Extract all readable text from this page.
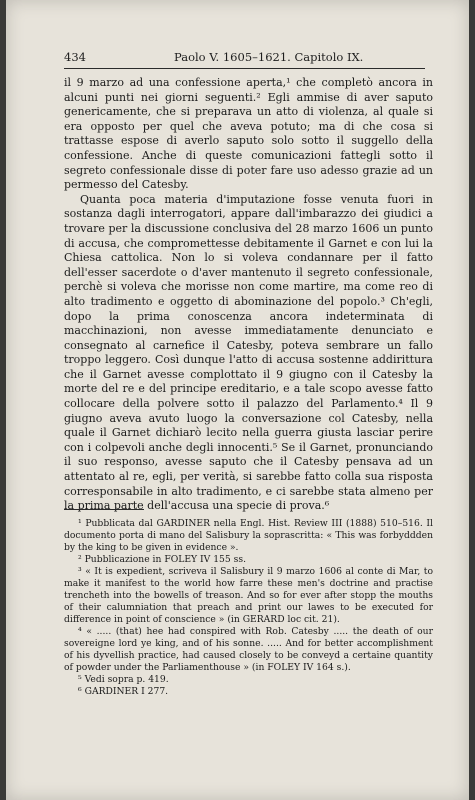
434	Paolo V. 1605–1621. Capitolo IX.

il 9 marzo ad una confessione aperta,¹ che completò ancora in alcuni punti nei giorni seguenti.² Egli ammise di aver saputo genericamente, che si preparava un atto di violenza, al quale si era opposto per quel che aveva potuto; ma di che cosa si trattasse espose di averlo saputo solo sotto il suggello della confessione. Anche di queste comunicazioni fattegli sotto il segreto confessionale disse di poter fare uso adesso grazie ad un permesso del Catesby.

Quanta poca materia d'imputazione fosse venuta fuori in sostanza dagli interrogatori, appare dall'imbarazzo dei giudici a trovare per la discussione conclusiva del 28 marzo 1606 un punto di accusa, che compromettesse debitamente il Garnet e con lui la Chiesa cattolica. Non lo si voleva condannare per il fatto dell'esser sacerdote o d'aver mantenuto il segreto confessionale, perchè si voleva che morisse non come martire, ma come reo di alto tradimento e oggetto di abominazione del popolo.³ Ch'egli, dopo la prima conoscenza ancora indeterminata di macchinazioni, non avesse immediatamente denunciato e consegnato al carnefice il Catesby, poteva sembrare un fallo troppo leggero. Così dunque l'atto di accusa sostenne addirittura che il Garnet avesse complottato il 9 giugno con il Catesby la morte del re e del principe ereditario, e a tale scopo avesse fatto collocare della polvere sotto il palazzo del Parlamento.⁴ Il 9 giugno aveva avuto luogo la conversazione col Catesby, nella quale il Garnet dichiarò lecito nella guerra giusta lasciar perire con i colpevoli anche degli innocenti.⁵ Se il Garnet, pronunciando il suo responso, avesse saputo che il Catesby pensava ad un attentato al re, egli, per verità, si sarebbe fatto colla sua risposta corresponsabile in alto tradimento, e ci sarebbe stata almeno per la prima parte dell'accusa una specie di prova.⁶

¹ Pubblicata dal GARDINER nella Engl. Hist. Review III (1888) 510–516. Il documento porta di mano del Salisbury la soprascritta: « This was forbyddden by the king to be given in evidence ».

² Pubblicazione in FOLEY IV 155 ss.

³ « It is expedient, scriveva il Salisbury il 9 marzo 1606 al conte di Mar, to make it manifest to the world how farre these men's doctrine and practise trencheth into the bowells of treason. And so for ever after stopp the mouths of their calumniation that preach and print our lawes to be executed for difference in point of conscience » (in GERARD loc cit. 21).

⁴ « ..... (that) hee had conspired with Rob. Catesby ..... the death of our sovereigne lord ye king, and of his sonne. ..... And for better accomplishment of his dyvellish practice, had caused closely to be conveyd a certaine quantity of powder under the Parliamenthouse » (in FOLEY IV 164 s.).

⁵ Vedi sopra p. 419.

⁶ GARDINER I 277.
